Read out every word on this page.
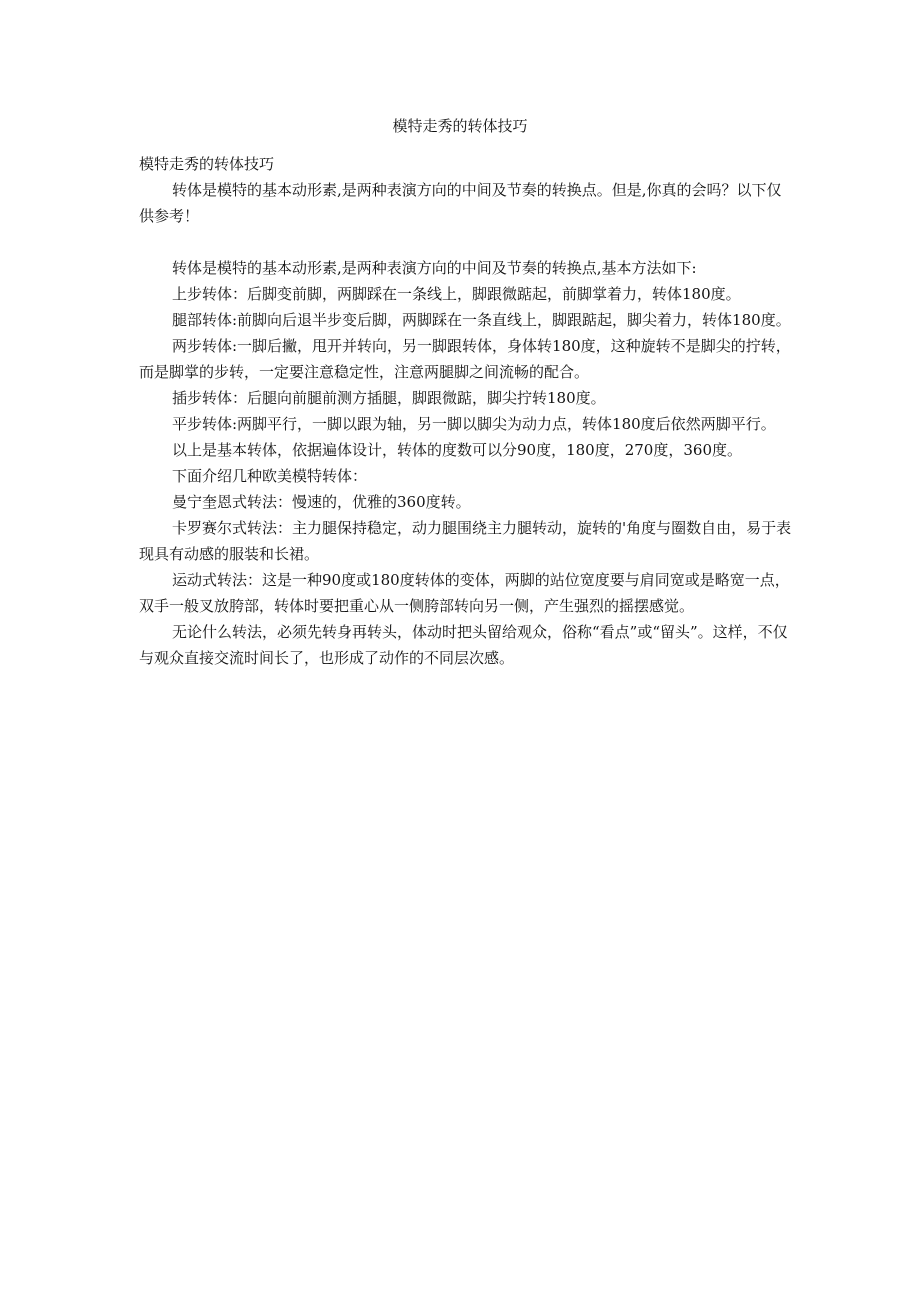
模特走秀的转体技巧

模特走秀的转体技巧

转体是模特的基本动形素,是两种表演方向的中间及节奏的转换点。但是,你真的会吗？以下仅供参考！

转体是模特的基本动形素,是两种表演方向的中间及节奏的转换点,基本方法如下:

上步转体：后脚变前脚，两脚踩在一条线上，脚跟微踮起，前脚掌着力，转体180度。

腿部转体:前脚向后退半步变后脚，两脚踩在一条直线上，脚跟踮起，脚尖着力，转体180度。

两步转体:一脚后撇，甩开并转向，另一脚跟转体，身体转180度，这种旋转不是脚尖的拧转，而是脚掌的步转，一定要注意稳定性，注意两腿脚之间流畅的配合。

插步转体：后腿向前腿前测方插腿，脚跟微踮，脚尖拧转180度。

平步转体:两脚平行，一脚以跟为轴，另一脚以脚尖为动力点，转体180度后依然两脚平行。

以上是基本转体，依据遍体设计，转体的度数可以分90度，180度，270度，360度。

下面介绍几种欧美模特转体：

曼宁奎恩式转法：慢速的，优雅的360度转。

卡罗赛尔式转法：主力腿保持稳定，动力腿围绕主力腿转动，旋转的'角度与圈数自由，易于表现具有动感的服装和长裙。

运动式转法：这是一种90度或180度转体的变体，两脚的站位宽度要与肩同宽或是略宽一点，双手一般叉放胯部，转体时要把重心从一侧胯部转向另一侧，产生强烈的摇摆感觉。

无论什么转法，必须先转身再转头，体动时把头留给观众，俗称“看点”或“留头”。这样，不仅与观众直接交流时间长了，也形成了动作的不同层次感。
